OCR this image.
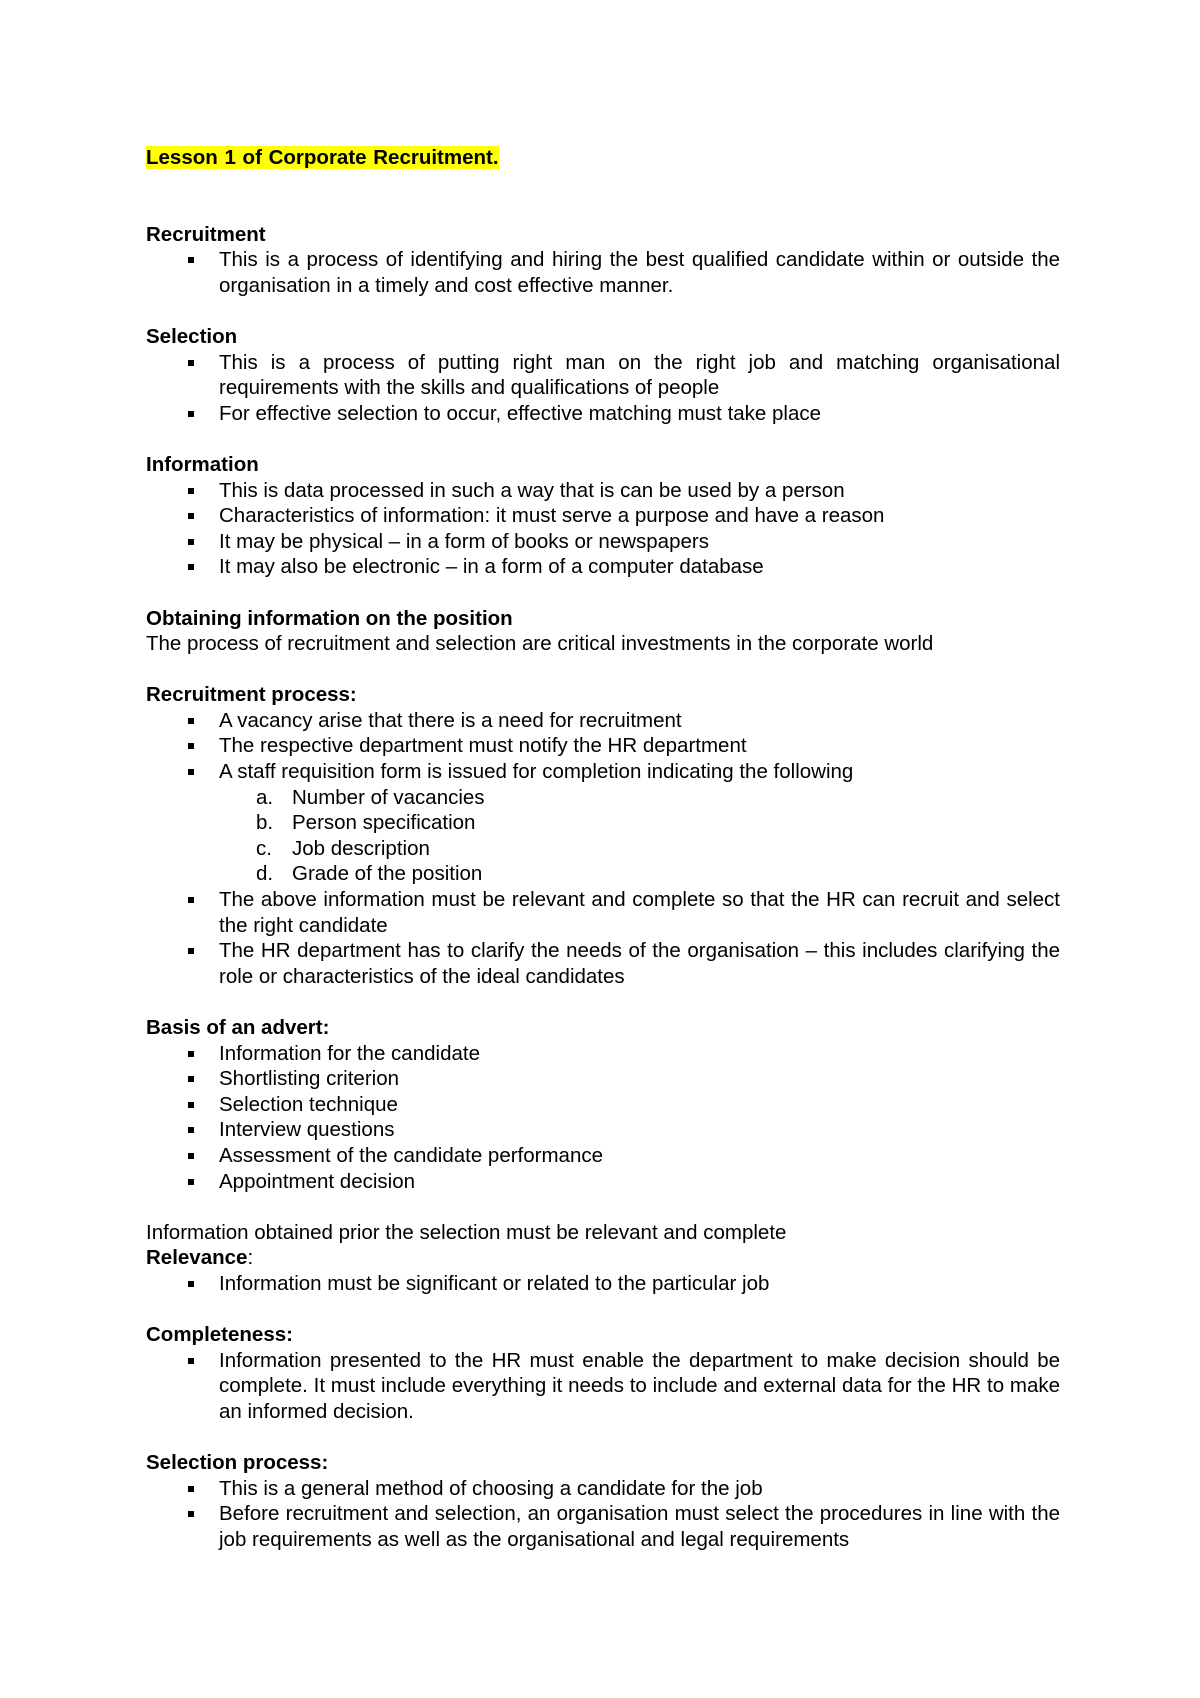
Lesson 1 of Corporate Recruitment.
Recruitment
This is a process of identifying and hiring the best qualified candidate within or outside the organisation in a timely and cost effective manner.
Selection
This is a process of putting right man on the right job and matching organisational requirements with the skills and qualifications of people
For effective selection to occur, effective matching must take place
Information
This is data processed in such a way that is can be used by a person
Characteristics of information: it must serve a purpose and have a reason
It may be physical – in a form of books or newspapers
It may also be electronic – in a form of a computer database
Obtaining information on the position
The process of recruitment and selection are critical investments in the corporate world
Recruitment process:
A vacancy arise that there is a need for recruitment
The respective department must notify the HR department
A staff requisition form is issued for completion indicating the following
a. Number of vacancies
b. Person specification
c. Job description
d. Grade of the position
The above information must be relevant and complete so that the HR can recruit and select the right candidate
The HR department has to clarify the needs of the organisation – this includes clarifying the role or characteristics of the ideal candidates
Basis of an advert:
Information for the candidate
Shortlisting criterion
Selection technique
Interview questions
Assessment of the candidate performance
Appointment decision
Information obtained prior the selection must be relevant and complete
Relevance:
Information must be significant or related to the particular job
Completeness:
Information presented to the HR must enable the department to make decision should be complete. It must include everything it needs to include and external data for the HR to make an informed decision.
Selection process:
This is a general method of choosing a candidate for the job
Before recruitment and selection, an organisation must select the procedures in line with the job requirements as well as the organisational and legal requirements
